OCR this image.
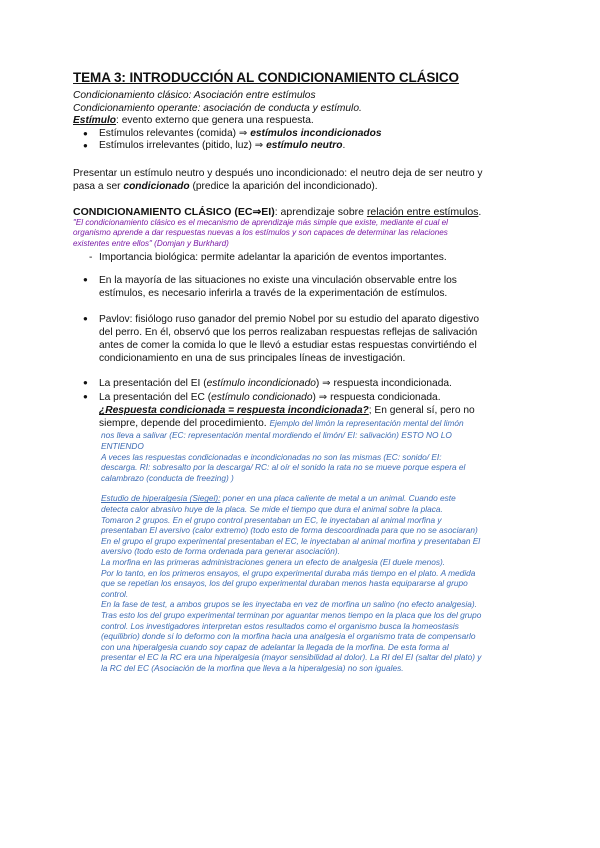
TEMA 3: INTRODUCCIÓN AL CONDICIONAMIENTO CLÁSICO

Condicionamiento clásico: Asociación entre estímulos

Condicionamiento operante: asociación de conducta y estímulo.

Estímulo: evento externo que genera una respuesta.

● Estímulos relevantes (comida) ⇒ estímulos incondicionados
● Estímulos irrelevantes (pitido, luz) ⇒ estímulo neutro.

Presentar un estímulo neutro y después uno incondicionado: el neutro deja de ser neutro y

pasa a ser condicionado (predice la aparición del incondicionado).

CONDICIONAMIENTO CLÁSICO (EC⇒EI): aprendizaje sobre relación entre estímulos.

"El condicionamiento clásico es el mecanismo de aprendizaje más simple que existe, mediante el cual el

organismo aprende a dar respuestas nuevas a los estímulos y son capaces de determinar las relaciones

existentes entre ellos" (Domjan y Burkhard)

- Importancia biológica: permite adelantar la aparición de eventos importantes.

● En la mayoría de las situaciones no existe una vinculación observable entre los
estímulos, es necesario inferirla a través de la experimentación de estímulos.
● Pavlov: fisiólogo ruso ganador del premio Nobel por su estudio del aparato digestivo
del perro. En él, observó que los perros realizaban respuestas reflejas de salivación
antes de comer la comida lo que le llevó a estudiar estas respuestas convirtiéndo el
condicionamiento en una de sus principales líneas de investigación.
● La presentación del EI (estímulo incondicionado) ⇒ respuesta incondicionada.
● La presentación del EC (estímulo condicionado) ⇒ respuesta condicionada.
¿Respuesta condicionada = respuesta incondicionada?; En general sí, pero no
siempre, depende del procedimiento. Ejemplo del limón la representación mental del limón

nos lleva a salivar (EC: representación mental mordiendo el limón/ EI: salivación) ESTO NO LO

ENTIENDO

A veces las respuestas condicionadas e incondicionadas no son las mismas (EC: sonido/ EI:

descarga. RI: sobresalto por la descarga/ RC: al oír el sonido la rata no se mueve porque espera el

calambrazo (conducta de freezing) )

Estudio de hiperalgesia (Siegel): poner en una placa caliente de metal a un animal. Cuando este

detecta calor abrasivo huye de la placa. Se mide el tiempo que dura el animal sobre la placa.

Tomaron 2 grupos. En el grupo control presentaban un EC, le inyectaban al animal morfina y

presentaban El aversivo (calor extremo) (todo esto de forma descoordinada para que no se asociaran)

En el grupo el grupo experimental presentaban el EC, le inyectaban al animal morfina y presentaban El

aversivo (todo esto de forma ordenada para generar asociación).

La morfina en las primeras administraciones genera un efecto de analgesia (El duele menos).

Por lo tanto, en los primeros ensayos, el grupo experimental duraba más tiempo en el plato. A medida

que se repetían los ensayos, los del grupo experimental duraban menos hasta equipararse al grupo

control.

En la fase de test, a ambos grupos se les inyectaba en vez de morfina un salino (no efecto analgesia).

Tras esto los del grupo experimental terminan por aguantar menos tiempo en la placa que los del grupo

control. Los investigadores interpretan estos resultados como el organismo busca la homeostasis

(equilibrio) donde si lo deformo con la morfina hacia una analgesia el organismo trata de compensarlo

con una hiperalgesia cuando soy capaz de adelantar la llegada de la morfina. De esta forma al

presentar el EC la RC era una hiperalgesia (mayor sensibilidad al dolor). La RI del EI (saltar del plato) y

la RC del EC (Asociación de la morfina que lleva a la hiperalgesia) no son iguales.
